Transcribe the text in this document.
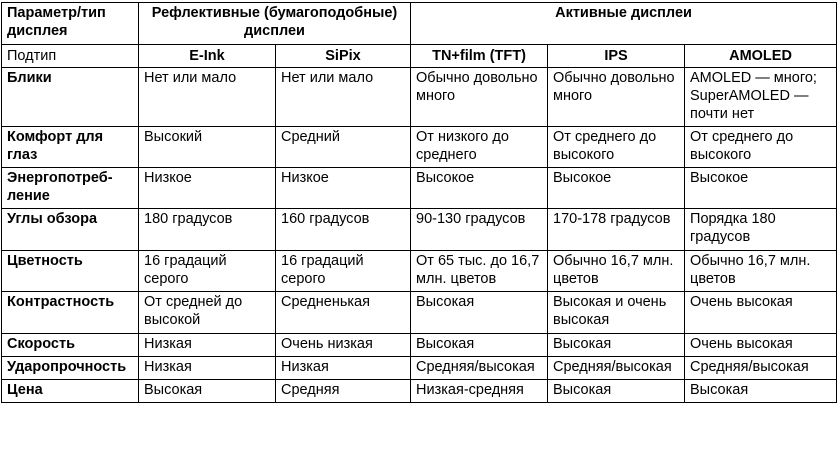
Параметр/тип дисплея	Рефлективные (бумагоподобные) дисплеи		Активные дисплеи		
Подтип	E-Ink	SiPix	TN+film (TFT)	IPS	AMOLED
Блики	Нет или мало	Нет или мало	Обычно довольно много	Обычно довольно много	AMOLED — много; SuperAMOLED — почти нет
Комфорт для глаз	Высокий	Средний	От низкого до среднего	От среднего до высокого	От среднего до высокого
Энергопотреб-ление	Низкое	Низкое	Высокое	Высокое	Высокое
Углы обзора	180 градусов	160 градусов	90-130 градусов	170-178 градусов	Порядка 180 градусов
Цветность	16 градаций серого	16 градаций серого	От 65 тыс. до 16,7 млн. цветов	Обычно 16,7 млн. цветов	Обычно 16,7 млн. цветов
Контрастность	От средней до высокой	Средненькая	Высокая	Высокая и очень высокая	Очень высокая
Скорость	Низкая	Очень низкая	Высокая	Высокая	Очень высокая
Ударопрочность	Низкая	Низкая	Средняя/высокая	Средняя/высокая	Средняя/высокая
Цена	Высокая	Средняя	Низкая-средняя	Высокая	Высокая
